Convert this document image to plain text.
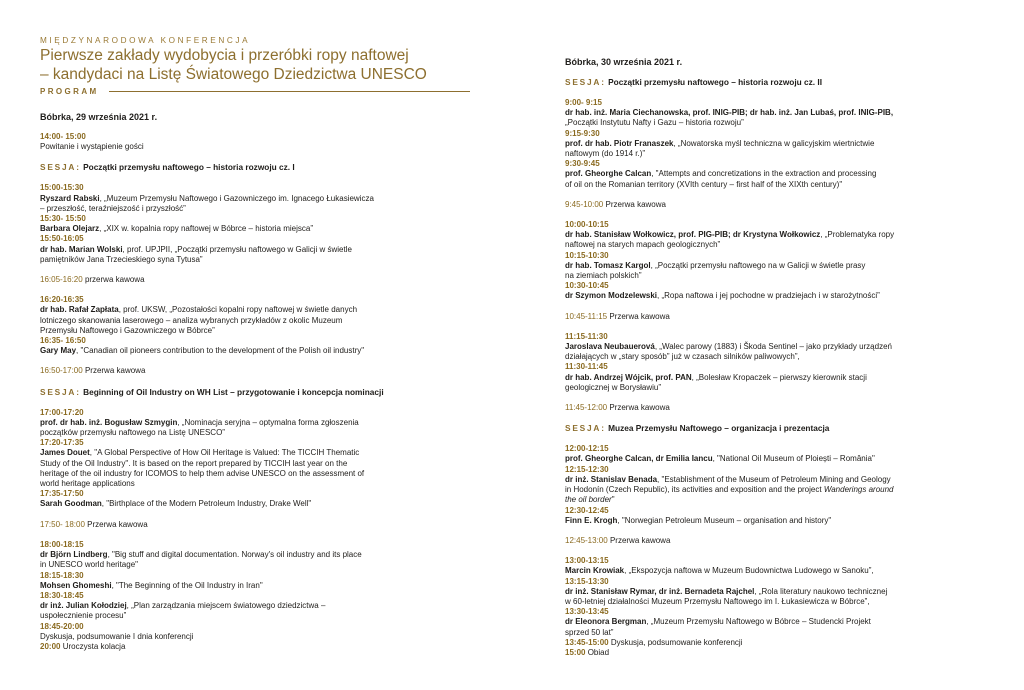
MIĘDZYNARODOWA KONFERENCJA
Pierwsze zakłady wydobycia i przeróbki ropy naftowej
– kandydaci na Listę Światowego Dziedzictwa UNESCO
PROGRAM
Bóbrka, 29 września 2021 r.
14:00- 15:00
Powitanie i wystąpienie gości
SESJA: Początki przemysłu naftowego – historia rozwoju cz. I
15:00-15:30
Ryszard Rabski, „Muzeum Przemysłu Naftowego i Gazowniczego im. Ignacego Łukasiewicza
– przeszłość, teraźniejszość i przyszłość”
15:30- 15:50
Barbara Olejarz, „XIX w. kopalnia ropy naftowej w Bóbrce – historia miejsca”
15:50-16:05
dr hab. Marian Wolski, prof. UPJPII, „Początki przemysłu naftowego w Galicji w świetle
pamiętników Jana Trzecieskiego syna Tytusa”
16:05-16:20 przerwa kawowa
16:20-16:35
dr hab. Rafał Zapłata, prof. UKSW, „Pozostałości kopalni ropy naftowej w świetle danych
lotniczego skanowania laserowego – analiza wybranych przykładów z okolic Muzeum
Przemysłu Naftowego i Gazowniczego w Bóbrce”
16:35- 16:50
Gary May, "Canadian oil pioneers contribution to the development of the Polish oil industry"
16:50-17:00 Przerwa kawowa
SESJA: Beginning of Oil Industry on WH List – przygotowanie i koncepcja nominacji
17:00-17:20
prof. dr hab. inż. Bogusław Szmygin, „Nominacja seryjna – optymalna forma zgłoszenia
początków przemysłu naftowego na Listę UNESCO”
17:20-17:35
James Douet, "A Global Perspective of How Oil Heritage is Valued: The TICCIH Thematic
Study of the Oil Industry". It is based on the report prepared by TICCIH last year on the
heritage of the oil industry for ICOMOS to help them advise UNESCO on the assessment of
world heritage applications
17:35-17:50
Sarah Goodman, "Birthplace of the Modern Petroleum Industry, Drake Well"
17:50- 18:00 Przerwa kawowa
18:00-18:15
dr Björn Lindberg, "Big stuff and digital documentation. Norway's oil industry and its place
in UNESCO world heritage"
18:15-18:30
Mohsen Ghomeshi, "The Beginning of the Oil Industry in Iran"
18:30-18:45
dr inż. Julian Kołodziej, „Plan zarządzania miejscem światowego dziedzictwa –
uspołecznienie procesu”
18:45-20:00
Dyskusja, podsumowanie I dnia konferencji
20:00 Uroczysta kolacja
Bóbrka, 30 września 2021 r.
SESJA: Początki przemysłu naftowego – historia rozwoju cz. II
9:00- 9:15
dr hab. inż. Maria Ciechanowska, prof. INIG-PIB; dr hab. inż. Jan Lubaś, prof. INIG-PIB,
„Początki Instytutu Nafty i Gazu – historia rozwoju”
9:15-9:30
prof. dr hab. Piotr Franaszek, „Nowatorska myśl techniczna w galicyjskim wiertnictwie
naftowym (do 1914 r.)”
9:30-9:45
prof. Gheorghe Calcan, "Attempts and concretizations in the extraction and processing
of oil on the Romanian territory (XVIth century – first half of the XIXth century)"
9:45-10:00 Przerwa kawowa
10:00-10:15
dr hab. Stanisław Wołkowicz, prof. PIG-PIB; dr Krystyna Wołkowicz, „Problematyka ropy
naftowej na starych mapach geologicznych”
10:15-10:30
dr hab. Tomasz Kargol, „Początki przemysłu naftowego na w Galicji w świetle prasy
na ziemiach polskich”
10:30-10:45
dr Szymon Modzelewski, „Ropa naftowa i jej pochodne w pradziejach i w starożytności”
10:45-11:15 Przerwa kawowa
11:15-11:30
Jaroslava Neubauerová, „Walec parowy (1883) i Škoda Sentinel – jako przykłady urządzeń
działających w „stary sposób” już w czasach silników paliwowych”,
11:30-11:45
dr hab. Andrzej Wójcik, prof. PAN, „Bolesław Kropaczek – pierwszy kierownik stacji
geologicznej w Borysławiu”
11:45-12:00 Przerwa kawowa
SESJA: Muzea Przemysłu Naftowego – organizacja i prezentacja
12:00-12:15
prof. Gheorghe Calcan, dr Emilia Iancu, "National Oil Museum of Ploiești – România"
12:15-12:30
dr inż. Stanislav Benada, "Establishment of the Museum of Petroleum Mining and Geology
in Hodonín (Czech Republic), its activities and exposition and the project Wanderings around
the oil border"
12:30-12:45
Finn E. Krogh, "Norwegian Petroleum Museum – organisation and history"
12:45-13:00 Przerwa kawowa
13:00-13:15
Marcin Krowiak, „Ekspozycja naftowa w Muzeum Budownictwa Ludowego w Sanoku”,
13:15-13:30
dr inż. Stanisław Rymar, dr inż. Bernadeta Rajchel, „Rola literatury naukowo technicznej
w 60-letniej działalności Muzeum Przemysłu Naftowego im I. Łukasiewicza w Bóbrce”,
13:30-13:45
dr Eleonora Bergman, „Muzeum Przemysłu Naftowego w Bóbrce – Studencki Projekt
sprzed 50 lat”
13:45-15:00 Dyskusja, podsumowanie konferencji
15:00 Obiad
